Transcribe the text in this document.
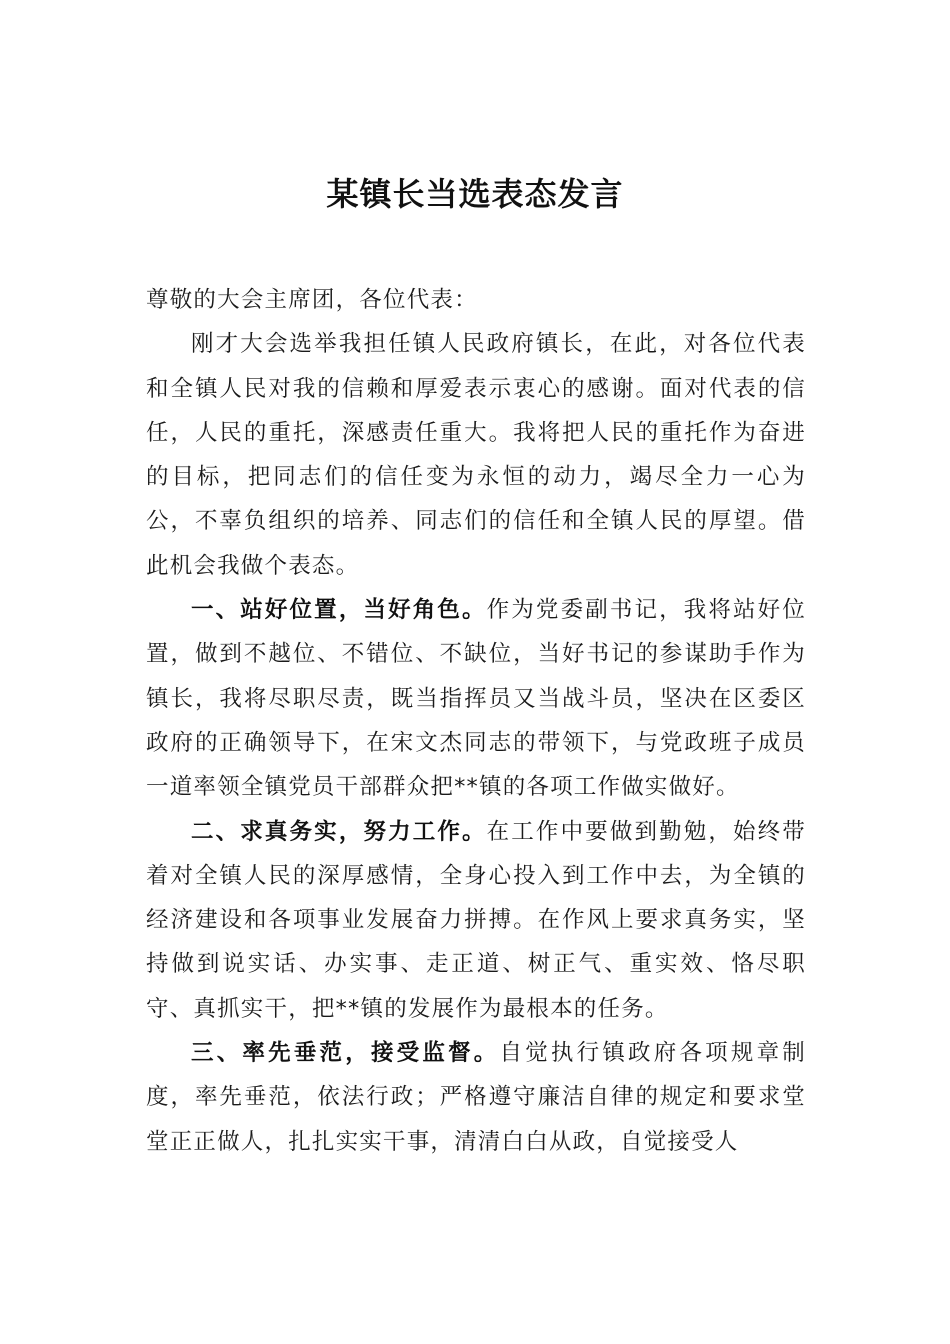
某镇长当选表态发言

尊敬的大会主席团，各位代表：

刚才大会选举我担任镇人民政府镇长，在此，对各位代表和全镇人民对我的信赖和厚爱表示衷心的感谢。面对代表的信任，人民的重托，深感责任重大。我将把人民的重托作为奋进的目标，把同志们的信任变为永恒的动力，竭尽全力一心为公，不辜负组织的培养、同志们的信任和全镇人民的厚望。借此机会我做个表态。

一、站好位置，当好角色。作为党委副书记，我将站好位置，做到不越位、不错位、不缺位，当好书记的参谋助手作为镇长，我将尽职尽责，既当指挥员又当战斗员，坚决在区委区政府的正确领导下，在宋文杰同志的带领下，与党政班子成员一道率领全镇党员干部群众把**镇的各项工作做实做好。

二、求真务实，努力工作。在工作中要做到勤勉，始终带着对全镇人民的深厚感情，全身心投入到工作中去，为全镇的经济建设和各项事业发展奋力拼搏。在作风上要求真务实，坚持做到说实话、办实事、走正道、树正气、重实效、恪尽职守、真抓实干，把**镇的发展作为最根本的任务。

三、率先垂范，接受监督。自觉执行镇政府各项规章制度，率先垂范，依法行政；严格遵守廉洁自律的规定和要求堂堂正正做人，扎扎实实干事，清清白白从政，自觉接受人
